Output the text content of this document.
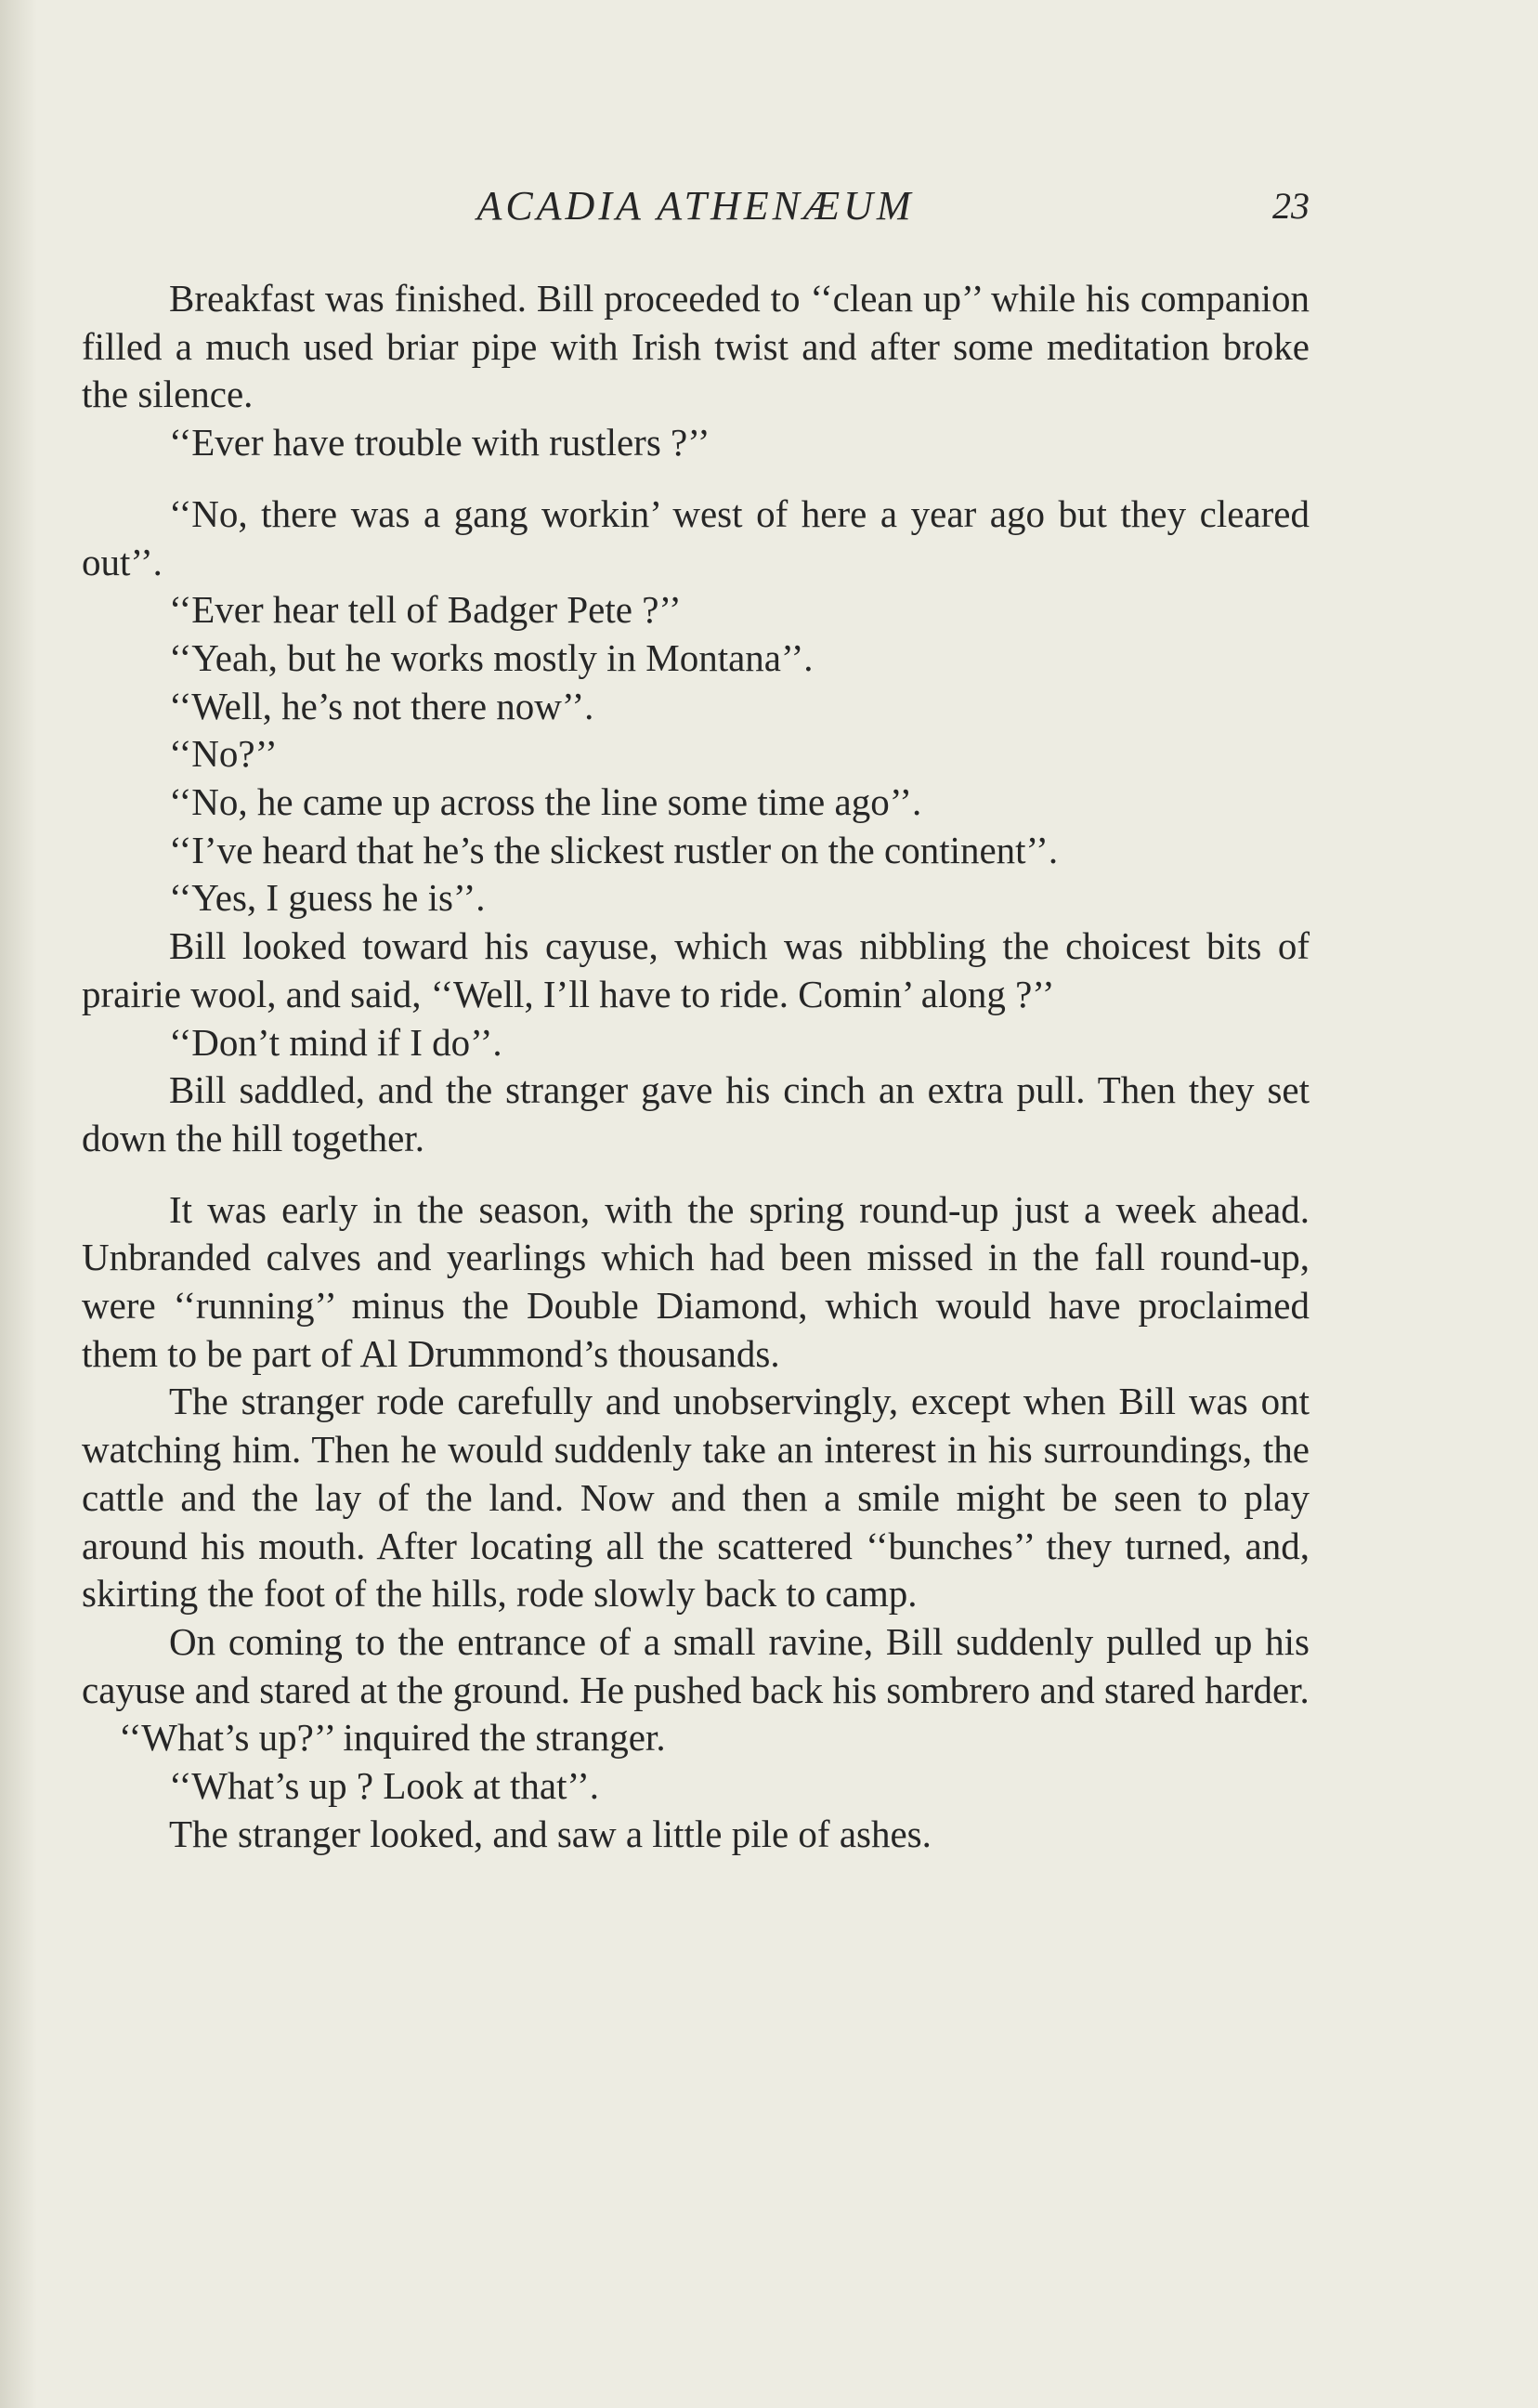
ACADIA ATHENÆUM	23

Breakfast was finished. Bill proceeded to ‘‘clean up’’ while his companion filled a much used briar pipe with Irish twist and after some meditation broke the silence.

‘‘Ever have trouble with rustlers ?’’

‘‘No, there was a gang workin’ west of here a year ago but they cleared out’’.

‘‘Ever hear tell of Badger Pete ?’’

‘‘Yeah, but he works mostly in Montana’’.

‘‘Well, he’s not there now’’.

‘‘No?’’

‘‘No, he came up across the line some time ago’’.

‘‘I’ve heard that he’s the slickest rustler on the continent’’.

‘‘Yes, I guess he is’’.

Bill looked toward his cayuse, which was nibbling the choicest bits of prairie wool, and said, ‘‘Well, I’ll have to ride. Comin’ along ?’’

‘‘Don’t mind if I do’’.

Bill saddled, and the stranger gave his cinch an extra pull. Then they set down the hill together.

It was early in the season, with the spring round-up just a week ahead. Unbranded calves and yearlings which had been missed in the fall round-up, were ‘‘running’’ minus the Double Diamond, which would have proclaimed them to be part of Al Drummond’s thousands.

The stranger rode carefully and unobservingly, except when Bill was ont watching him. Then he would suddenly take an interest in his surroundings, the cattle and the lay of the land. Now and then a smile might be seen to play around his mouth. After locating all the scattered ‘‘bunches’’ they turned, and, skirting the foot of the hills, rode slowly back to camp.

On coming to the entrance of a small ravine, Bill suddenly pulled up his cayuse and stared at the ground. He pushed back his sombrero and stared harder.

‘‘What’s up?’’ inquired the stranger.

‘‘What’s up ? Look at that’’.

The stranger looked, and saw a little pile of ashes.
